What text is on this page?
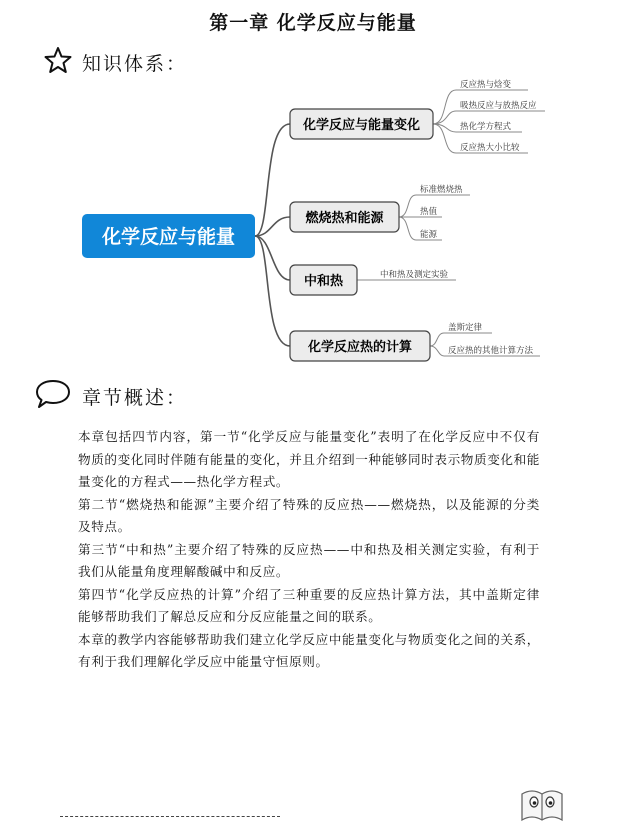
第一章 化学反应与能量
知识体系：
化学反应与能量
化学反应与能量变化
燃烧热和能源
中和热
化学反应热的计算
反应热与焓变
吸热反应与放热反应
热化学方程式
反应热大小比较
标准燃烧热
热值
能源
中和热及测定实验
盖斯定律
反应热的其他计算方法
章节概述：

本章包括四节内容，第一节“化学反应与能量变化”表明了在化学反应中不仅有物质的变化同时伴随有能量的变化，并且介绍到一种能够同时表示物质变化和能量变化的方程式——热化学方程式。

第二节“燃烧热和能源”主要介绍了特殊的反应热——燃烧热，以及能源的分类及特点。

第三节“中和热”主要介绍了特殊的反应热——中和热及相关测定实验，有利于我们从能量角度理解酸碱中和反应。

第四节“化学反应热的计算”介绍了三种重要的反应热计算方法，其中盖斯定律能够帮助我们了解总反应和分反应能量之间的联系。

本章的教学内容能够帮助我们建立化学反应中能量变化与物质变化之间的关系，有利于我们理解化学反应中能量守恒原则。
